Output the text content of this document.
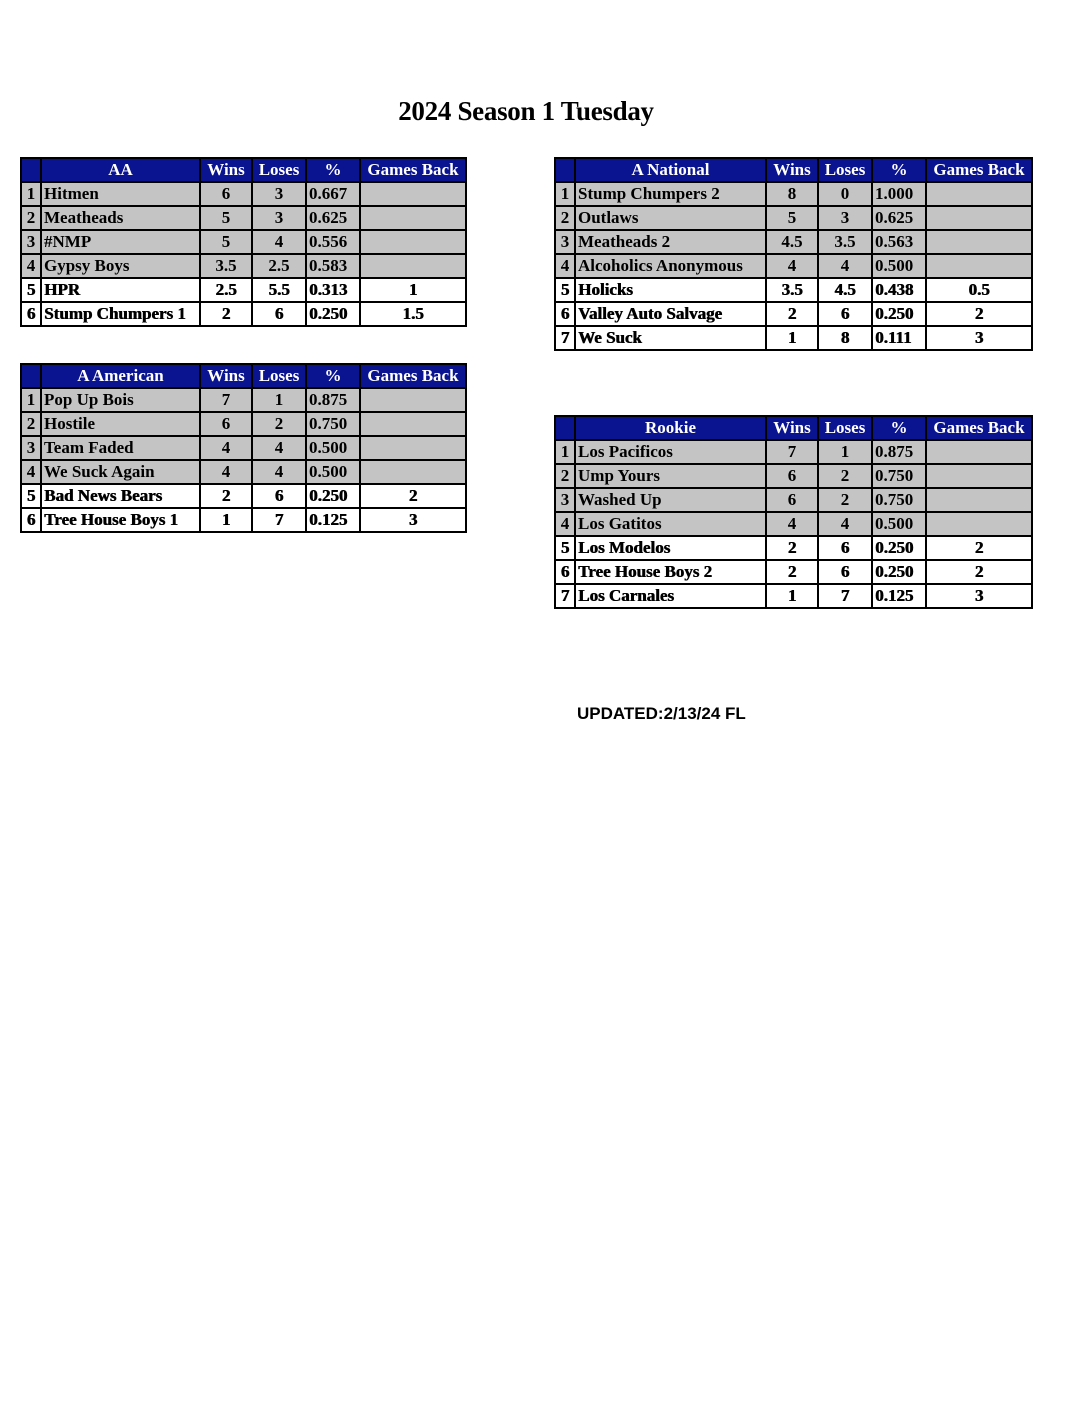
2024 Season 1 Tuesday
	AA	Wins	Loses	%	Games Back
1	Hitmen	6	3	0.667	
2	Meatheads	5	3	0.625	
3	#NMP	5	4	0.556	
4	Gypsy Boys	3.5	2.5	0.583	
5	HPR	2.5	5.5	0.313	1
6	Stump Chumpers 1	2	6	0.250	1.5
	A American	Wins	Loses	%	Games Back
1	Pop Up Bois	7	1	0.875	
2	Hostile	6	2	0.750	
3	Team Faded	4	4	0.500	
4	We Suck Again	4	4	0.500	
5	Bad News Bears	2	6	0.250	2
6	Tree House Boys 1	1	7	0.125	3
	A National	Wins	Loses	%	Games Back
1	Stump Chumpers 2	8	0	1.000	
2	Outlaws	5	3	0.625	
3	Meatheads 2	4.5	3.5	0.563	
4	Alcoholics Anonymous	4	4	0.500	
5	Holicks	3.5	4.5	0.438	0.5
6	Valley Auto Salvage	2	6	0.250	2
7	We Suck	1	8	0.111	3
	Rookie	Wins	Loses	%	Games Back
1	Los Pacificos	7	1	0.875	
2	Ump Yours	6	2	0.750	
3	Washed Up	6	2	0.750	
4	Los Gatitos	4	4	0.500	
5	Los Modelos	2	6	0.250	2
6	Tree House Boys 2	2	6	0.250	2
7	Los Carnales	1	7	0.125	3
UPDATED:2/13/24 FL
